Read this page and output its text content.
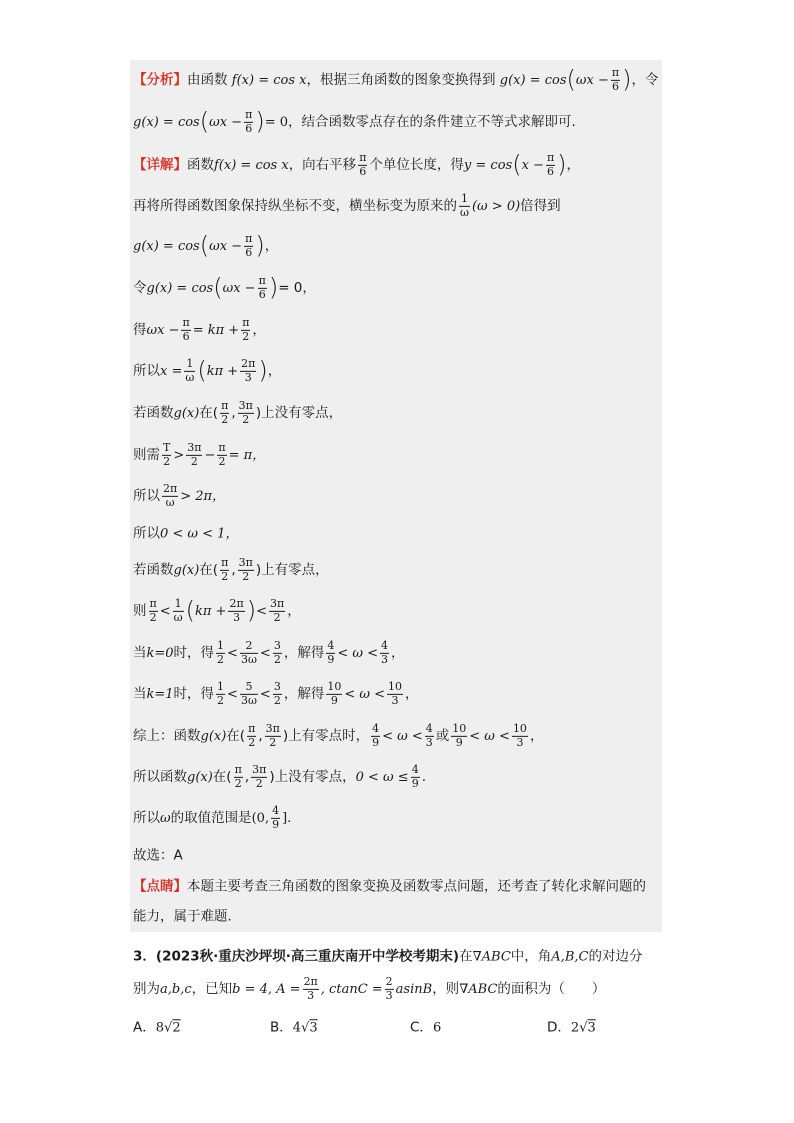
【分析】由函数 f(x) = cos x，根据三角函数的图象变换得到 $g(x) = \cos(\omega x - \frac{\pi}{6}$ )，令
$g(x) = \cos(\omega x - \frac{\pi}{6}$ )= 0，结合函数零点存在的条件建立不等式求解即可.
【详解】函数f(x) = cos x，向右平移 $\frac{\pi}{6}$ 个单位长度，得$y = \cos(x - \frac{\pi}{6}$ )，
再将所得函数图象保持纵坐标不变，横坐标变为原来的 $\frac{1}{\omega} (\omega > 0)$倍得到
$g(x) = \cos(\omega x - \frac{\pi}{6}$ )，
令$g(x) = \cos(\omega x - \frac{\pi}{6}$ )= 0，
得$\omega x - \frac{\pi}{6} = k\pi + \frac{\pi}{2}$ ，
所以$x = \frac{1}{\omega} (k\pi + \frac{2\pi}{3}$ )，
若函数g(x)在( $\frac{\pi}{2}$ , $\frac{3\pi}{2}$ )上没有零点，
则需 $\frac{T}{2} > \frac{3\pi}{2} - \frac{\pi}{2} = \pi$，
所以 $\frac{2\pi}{\omega} > 2\pi$，
所以0 < ω < 1，
若函数g(x)在( $\frac{\pi}{2}$ , $\frac{3\pi}{2}$ )上有零点，
则 $\frac{\pi}{2} < \frac{1}{\omega} (k\pi + \frac{2\pi}{3}$ )< $\frac{3\pi}{2}$ ，
当k=0时，得 $\frac{1}{2} < \frac{2}{3\omega} < \frac{3}{2}$ ，解得 $\frac{4}{9} < \omega < \frac{4}{3}$ ，
当k=1时，得 $\frac{1}{2} < \frac{5}{3\omega} < \frac{3}{2}$ ，解得 $\frac{10}{9} < \omega < \frac{10}{3}$ ，
综上：函数g(x)在( $\frac{\pi}{2}$ , $\frac{3\pi}{2}$ )上有零点时， $\frac{4}{9} < \omega < \frac{4}{3}$ 或 $\frac{10}{9} < \omega < \frac{10}{3}$ ，
所以函数g(x)在( $\frac{\pi}{2}$ , $\frac{3\pi}{2}$ )上没有零点，$0 < \omega \le \frac{4}{9}$ .
所以ω的取值范围是(0, $\frac{4}{9}$ ].
故选：A
【点睛】本题主要考查三角函数的图象变换及函数零点问题，还考查了转化求解问题的
能力，属于难题.
3．(2023秋·重庆沙坪坝·高三重庆南开中学校考期末)在∇ABC中，角A,B,C的对边分
别为a,b,c，已知b = 4, $A = \frac{2\pi}{3}$ , $ctanC = \frac{2}{3}$ asinB，则∇ABC的面积为（　　）
A．8√2	B．4√3	C．6	D．2√3
